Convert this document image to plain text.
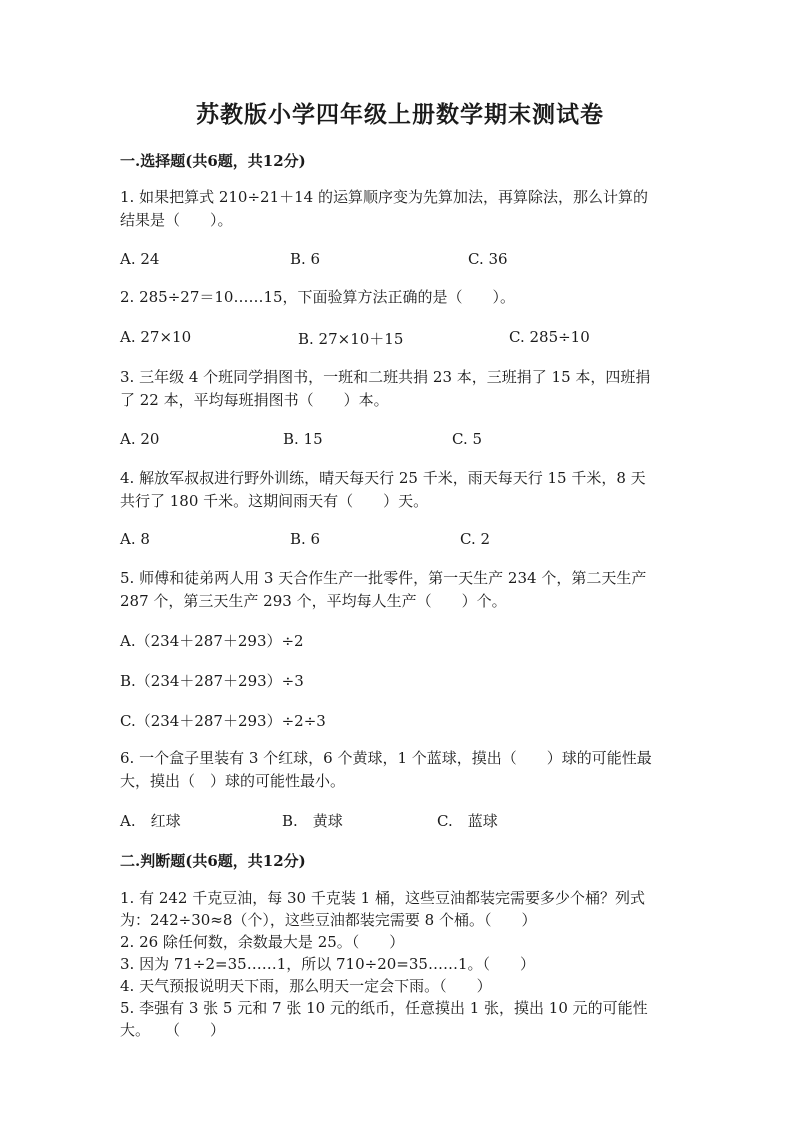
苏教版小学四年级上册数学期末测试卷
一.选择题(共6题，共12分)
1. 如果把算式 210÷21＋14 的运算顺序变为先算加法，再算除法，那么计算的
结果是（　　）。
A. 24	B. 6	C. 36
2. 285÷27＝10……15，下面验算方法正确的是（　　）。
A. 27×10	B. 27×10＋15	C. 285÷10
3. 三年级 4 个班同学捐图书，一班和二班共捐 23 本，三班捐了 15 本，四班捐
了 22 本，平均每班捐图书（　　）本。
A. 20	B. 15	C. 5
4. 解放军叔叔进行野外训练，晴天每天行 25 千米，雨天每天行 15 千米，8 天
共行了 180 千米。这期间雨天有（　　）天。
A. 8	B. 6	C. 2
5. 师傅和徒弟两人用 3 天合作生产一批零件，第一天生产 234 个，第二天生产
287 个，第三天生产 293 个，平均每人生产（　　）个。
A.（234＋287＋293）÷2
B.（234＋287＋293）÷3
C.（234＋287＋293）÷2÷3
6. 一个盒子里装有 3 个红球，6 个黄球，1 个蓝球，摸出（　　）球的可能性最
大，摸出（　）球的可能性最小。
A.　红球	B.　黄球	C.　蓝球
二.判断题(共6题，共12分)
1. 有 242 千克豆油，每 30 千克装 1 桶，这些豆油都装完需要多少个桶？列式
为：242÷30≈8（个），这些豆油都装完需要 8 个桶。（　　）
2. 26 除任何数，余数最大是 25。（　　）
3. 因为 71÷2=35……1，所以 710÷20=35……1。（　　）
4. 天气预报说明天下雨，那么明天一定会下雨。（　　）
5. 李强有 3 张 5 元和 7 张 10 元的纸币，任意摸出 1 张，摸出 10 元的可能性
大。　　（　　）
